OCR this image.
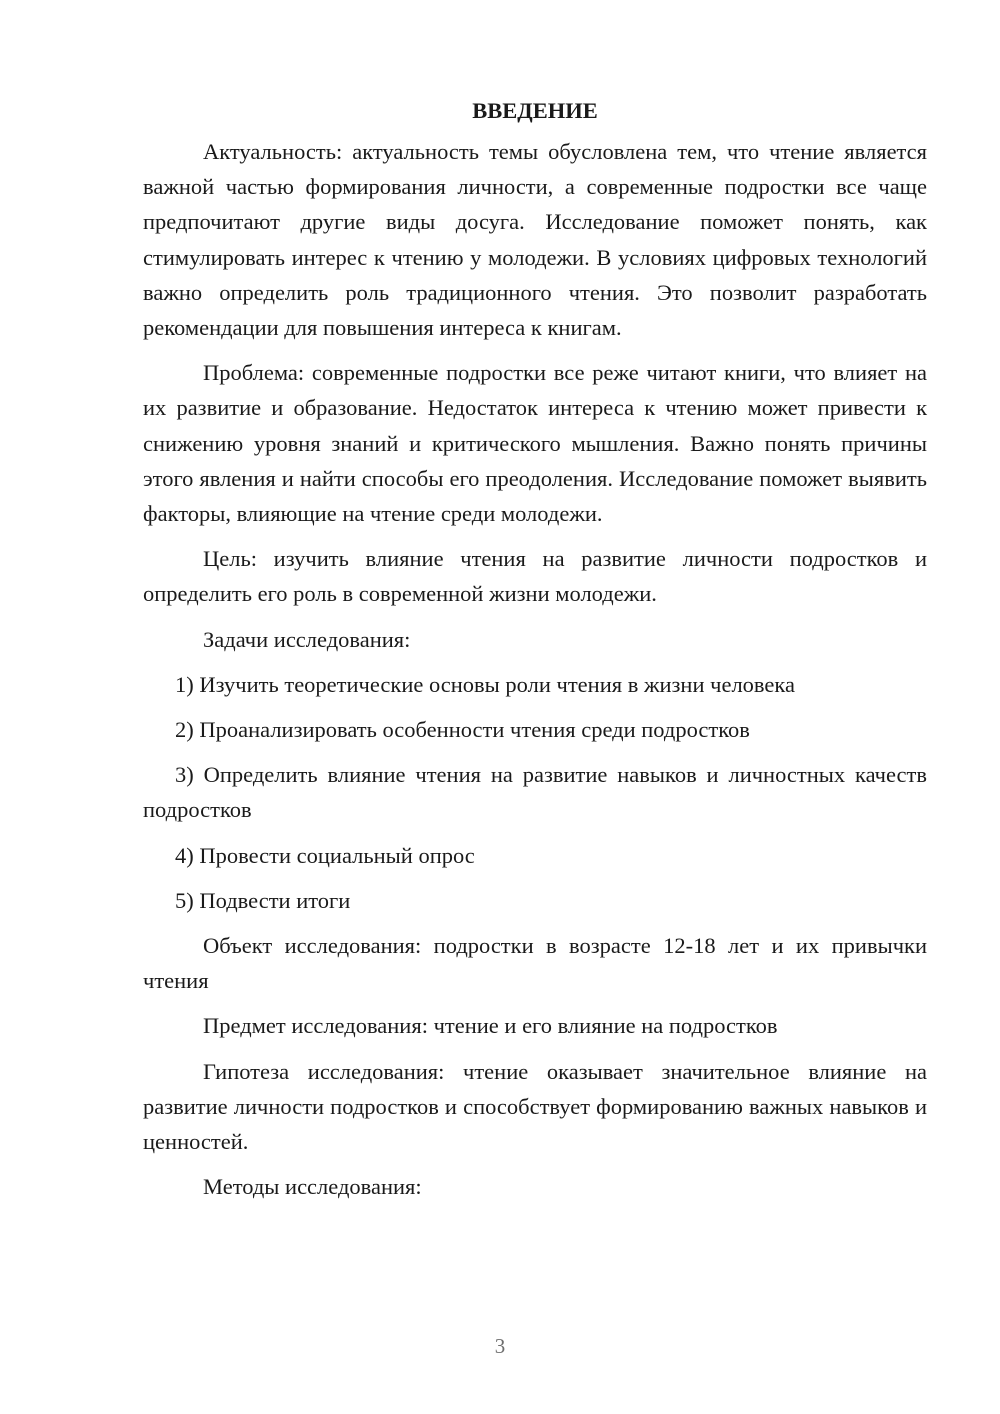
ВВЕДЕНИЕ

Актуальность: актуальность темы обусловлена тем, что чтение является важной частью формирования личности, а современные подростки все чаще предпочитают другие виды досуга. Исследование поможет понять, как стимулировать интерес к чтению у молодежи. В условиях цифровых технологий важно определить роль традиционного чтения. Это позволит разработать рекомендации для повышения интереса к книгам.

Проблема: современные подростки все реже читают книги, что влияет на их развитие и образование. Недостаток интереса к чтению может привести к снижению уровня знаний и критического мышления. Важно понять причины этого явления и найти способы его преодоления. Исследование поможет выявить факторы, влияющие на чтение среди молодежи.

Цель: изучить влияние чтения на развитие личности подростков и определить его роль в современной жизни молодежи.

Задачи исследования:

1) Изучить теоретические основы роли чтения в жизни человека

2) Проанализировать особенности чтения среди подростков

3) Определить влияние чтения на развитие навыков и личностных качеств подростков

4) Провести социальный опрос

5) Подвести итоги

Объект исследования: подростки в возрасте 12-18 лет и их привычки чтения

Предмет исследования: чтение и его влияние на подростков

Гипотеза исследования: чтение оказывает значительное влияние на развитие личности подростков и способствует формированию важных навыков и ценностей.

Методы исследования:

3
